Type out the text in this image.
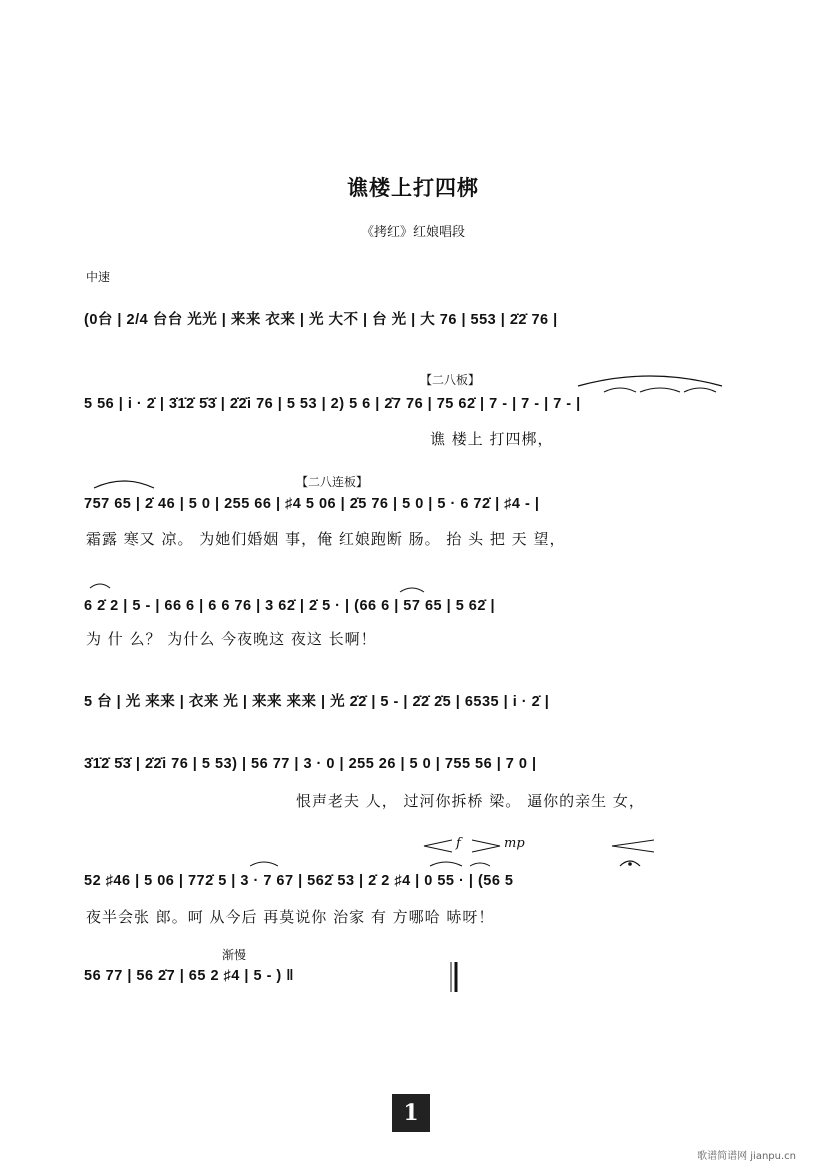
谯楼上打四梆
《拷红》红娘唱段
中速
(0台 | 2/4 台台 光光 | 来来 衣来 | 光 大不 | 台 光 | 大 76 | 553 | 2̇2̇ 76 |
【二八板】
5 56 | i · 2̇ | 3̇1̇2̇ 5̇3̇ | 2̇2̇i 76 | 5 53 | 2) 5 6 | 2̇7 76 | 75 62̇ | 7 - | 7 - | 7 - |
谯 楼上 打四梆，
【二八连板】
757 65 | 2̇ 46 | 5 0 | 255 66 | ♯4 5 06 | 2̇5 76 | 5 0 | 5 · 6 72̇ | ♯4 - |
霜露 寒又 凉。 为她们婚姻 事，俺 红娘跑断 肠。 抬 头 把 天 望，
6 2̇ 2 | 5 - | 66 6 | 6 6 76 | 3 62̇ | 2̇ 5 · | (66 6 | 57 65 | 5 62̇ |
为 什 么？ 为什么 今夜晚这 夜这 长啊！
5 台 | 光 来来 | 衣来 光 | 来来 来来 | 光 2̇2̇ | 5 - | 2̇2̇ 2̇5 | 6535 | i · 2̇ |
3̇1̇2̇ 5̇3̇ | 2̇2̇i 76 | 5 53) | 56 77 | 3 · 0 | 255 26 | 5 0 | 755 56 | 7 0 |
恨声老夫 人， 过河你拆桥 梁。 逼你的亲生 女，
f	mp
52 ♯46 | 5 06 | 772̇ 5 | 3 · 7 67 | 562̇ 53 | 2̇ 2 ♯4 | 0 55 · | (56 5
夜半会张 郎。呵 从今后 再莫说你 治家 有 方哪哈 哧呀！
渐慢
56 77 | 56 2̇7 | 65 2 ♯4 | 5 - ) ‖
1
歌谱简谱网 jianpu.cn
